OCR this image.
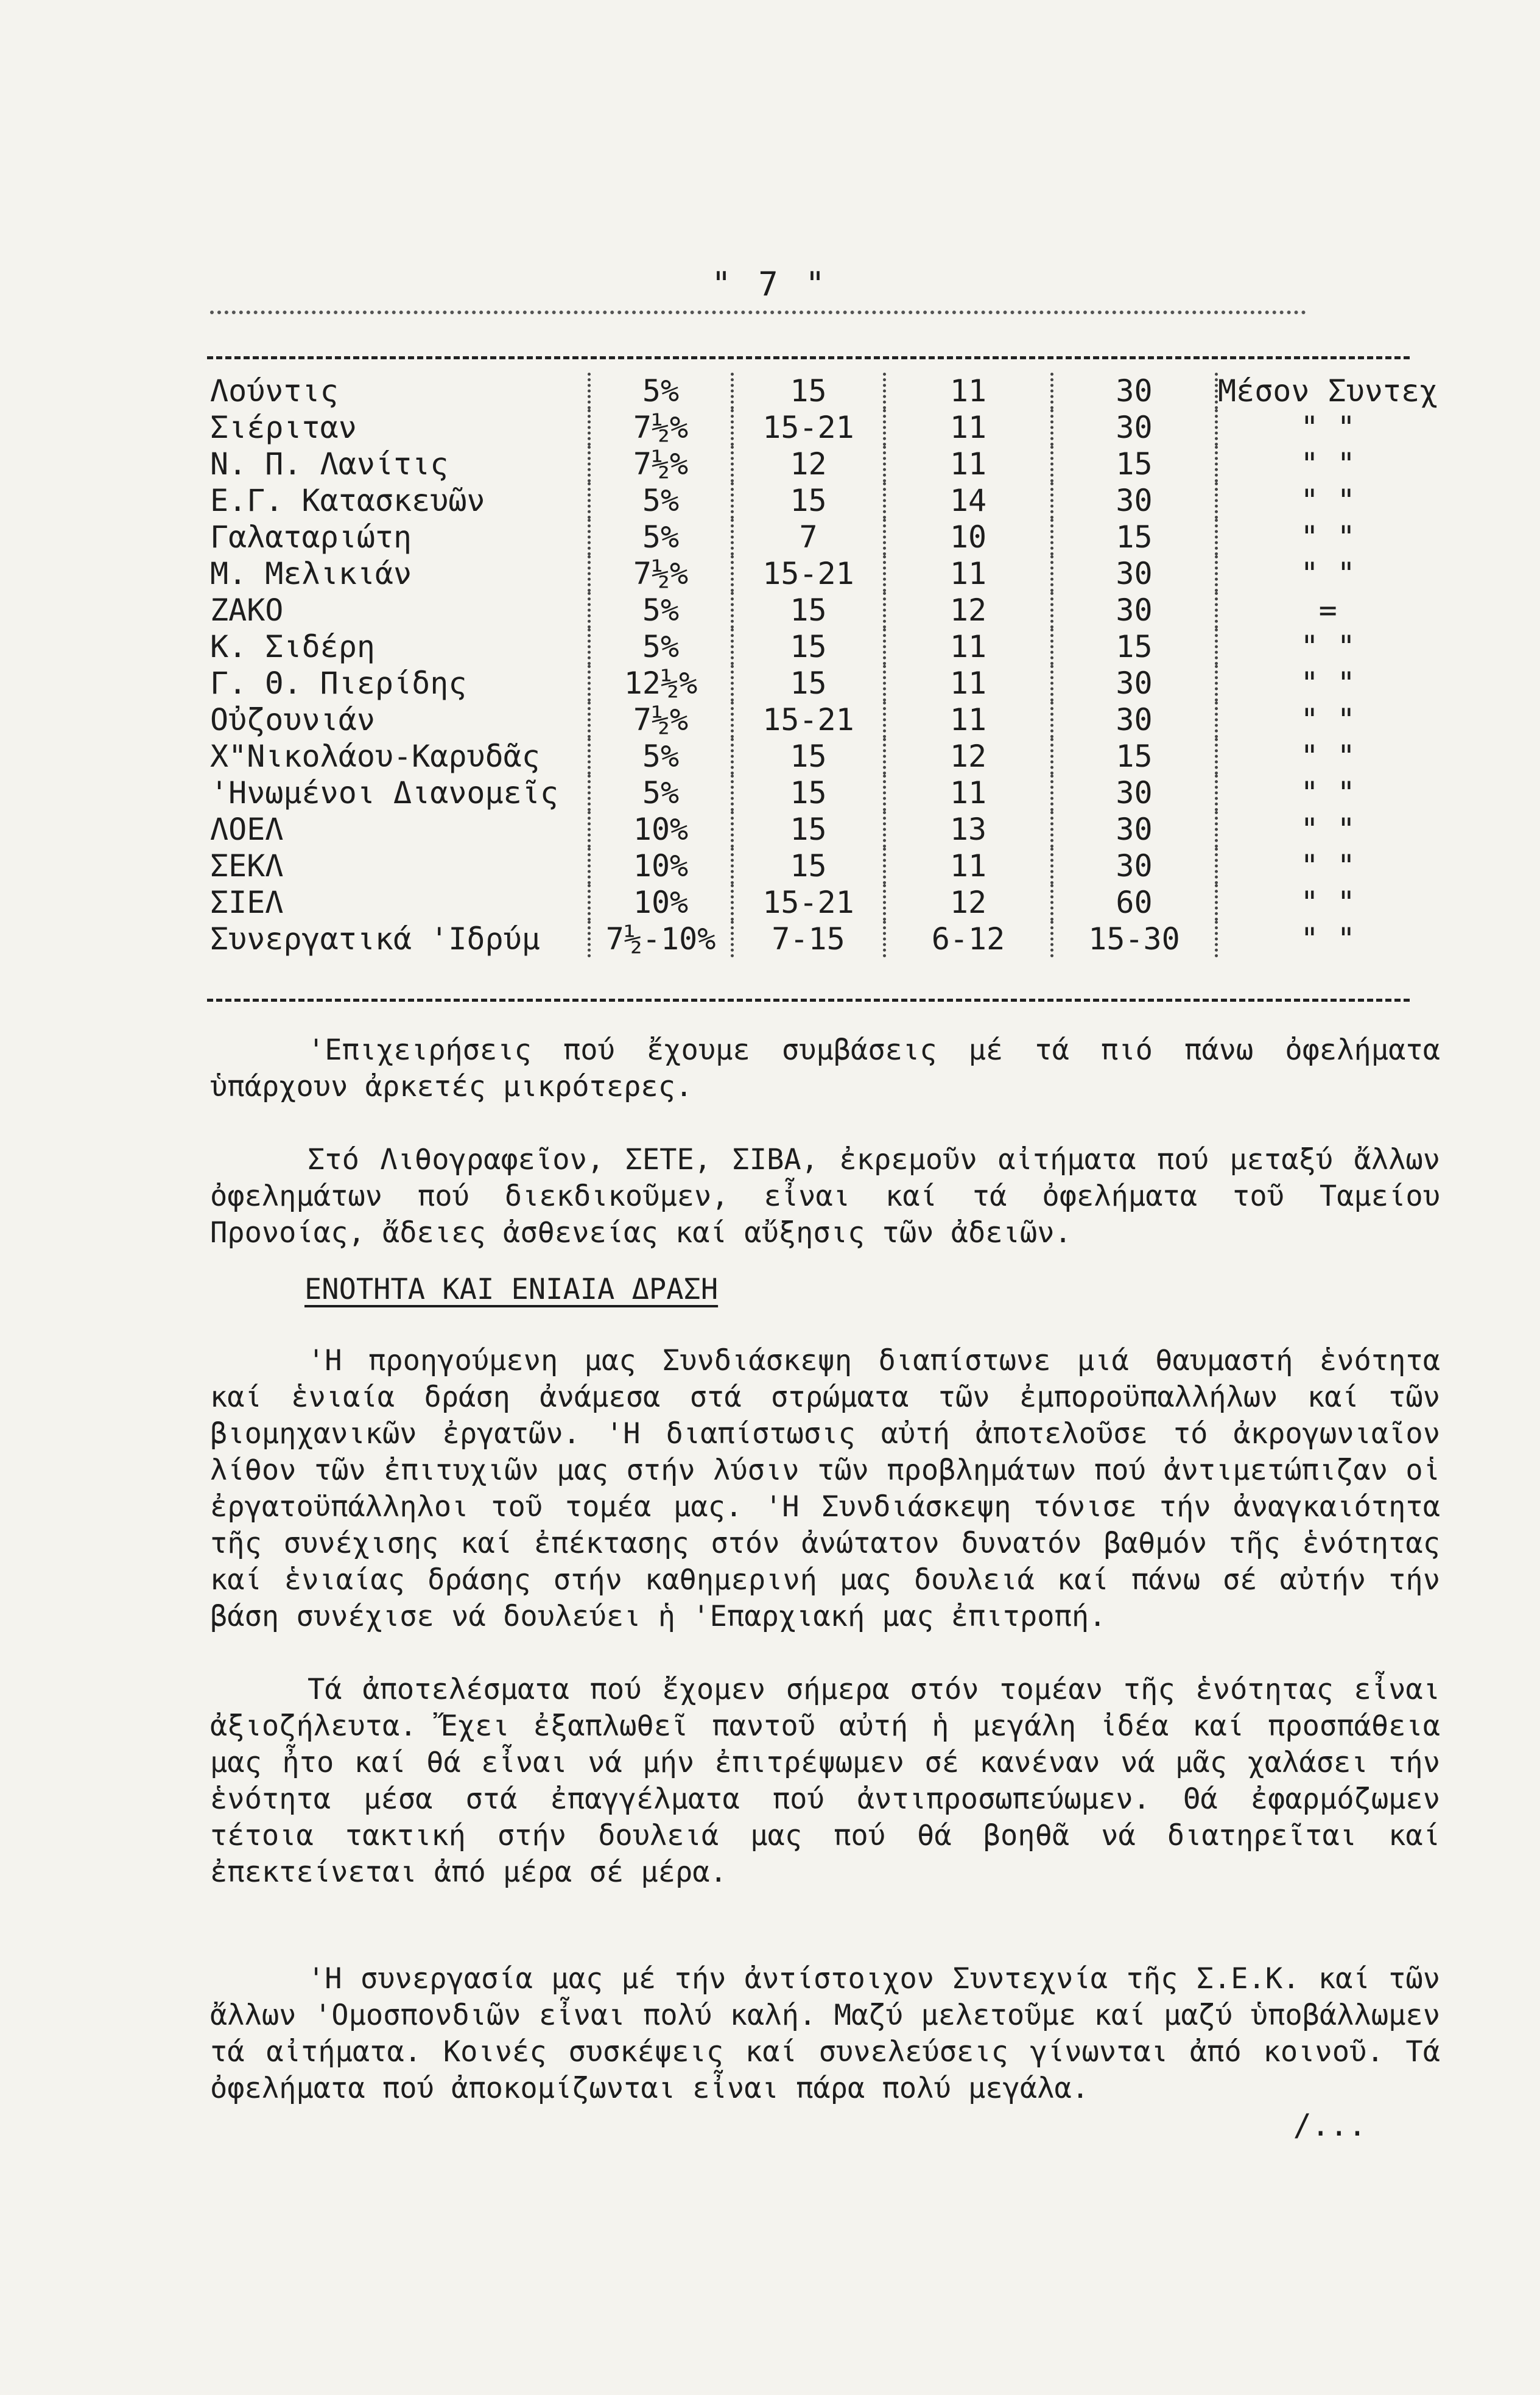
" 7 "
Λούντις	5%	15	11	30	Μέσον Συντεχ
Σιέριταν	7½%	15-21	11	30	" "
Ν. Π. Λανίτις	7½%	12	11	15	" "
Ε.Γ. Κατασκευῶν	5%	15	14	30	" "
Γαλαταριώτη	5%	7	10	15	" "
Μ. Μελικιάν	7½%	15-21	11	30	" "
ΖΑΚΟ	5%	15	12	30	=
Κ. Σιδέρη	5%	15	11	15	" "
Γ. Θ. Πιερίδης	12½%	15	11	30	" "
Οὐζουνιάν	7½%	15-21	11	30	" "
Χ"Νικολάου-Καρυδᾶς	5%	15	12	15	" "
'Ηνωμένοι Διανομεῖς	5%	15	11	30	" "
ΛΟΕΛ	10%	15	13	30	" "
ΣΕΚΛ	10%	15	11	30	" "
ΣΙΕΛ	10%	15-21	12	60	" "
Συνεργατικά 'Ιδρύμ	7½-10%	7-15	6-12	15-30	" "

'Επιχειρήσεις πού ἔχουμε συμβάσεις μέ τά πιό πάνω ὀφελήματα ὑπάρχουν ἀρκετές μικρότερες.

Στό Λιθογραφεῖον, ΣΕΤΕ, ΣΙΒΑ, ἐκρεμοῦν αἰτήματα πού μεταξύ ἄλλων ὀφελημάτων πού διεκδικοῦμεν, εἶναι καί τά ὀφελήματα τοῦ Ταμείου Προνοίας, ἄδειες ἀσθενείας καί αὔξησις τῶν ἀδειῶν.

ΕΝΟΤΗΤΑ ΚΑΙ ΕΝΙΑΙΑ ΔΡΑΣΗ

'Η προηγούμενη μας Συνδιάσκεψη διαπίστωνε μιά θαυμαστή ἑνότητα καί ἑνιαία δράση ἀνάμεσα στά στρώματα τῶν ἐμποροϋπαλλήλων καί τῶν βιομηχανικῶν ἐργατῶν. 'Η διαπίστωσις αὐτή ἀποτελοῦσε τό ἀκρογωνιαῖον λίθον τῶν ἐπιτυχιῶν μας στήν λύσιν τῶν προβλημάτων πού ἀντιμετώπιζαν οἱ ἐργατοϋπάλληλοι τοῦ τομέα μας. 'Η Συνδιάσκεψη τόνισε τήν ἀναγκαιότητα τῆς συνέχισης καί ἐπέκτασης στόν ἀνώτατον δυνατόν βαθμόν τῆς ἑνότητας καί ἑνιαίας δράσης στήν καθημερινή μας δουλειά καί πάνω σέ αὐτήν τήν βάση συνέχισε νά δουλεύει ἡ 'Επαρχιακή μας ἐπιτροπή.

Τά ἀποτελέσματα πού ἔχομεν σήμερα στόν τομέαν τῆς ἑνότητας εἶναι ἀξιοζήλευτα. Ἔχει ἐξαπλωθεῖ παντοῦ αὐτή ἡ μεγάλη ἰδέα καί προσπάθεια μας ἦτο καί θά εἶναι νά μήν ἐπιτρέψωμεν σέ κανέναν νά μᾶς χαλάσει τήν ἑνότητα μέσα στά ἐπαγγέλματα πού ἀντιπροσωπεύωμεν. Θά ἐφαρμόζωμεν τέτοια τακτική στήν δουλειά μας πού θά βοηθᾶ νά διατηρεῖται καί ἐπεκτείνεται ἀπό μέρα σέ μέρα.

'Η συνεργασία μας μέ τήν ἀντίστοιχον Συντεχνία τῆς Σ.Ε.Κ. καί τῶν ἄλλων 'Ομοσπονδιῶν εἶναι πολύ καλή. Μαζύ μελετοῦμε καί μαζύ ὑποβάλλωμεν τά αἰτήματα. Κοινές συσκέψεις καί συνελεύσεις γίνωνται ἀπό κοινοῦ. Τά ὀφελήματα πού ἀποκομίζωνται εἶναι πάρα πολύ μεγάλα.

/...
